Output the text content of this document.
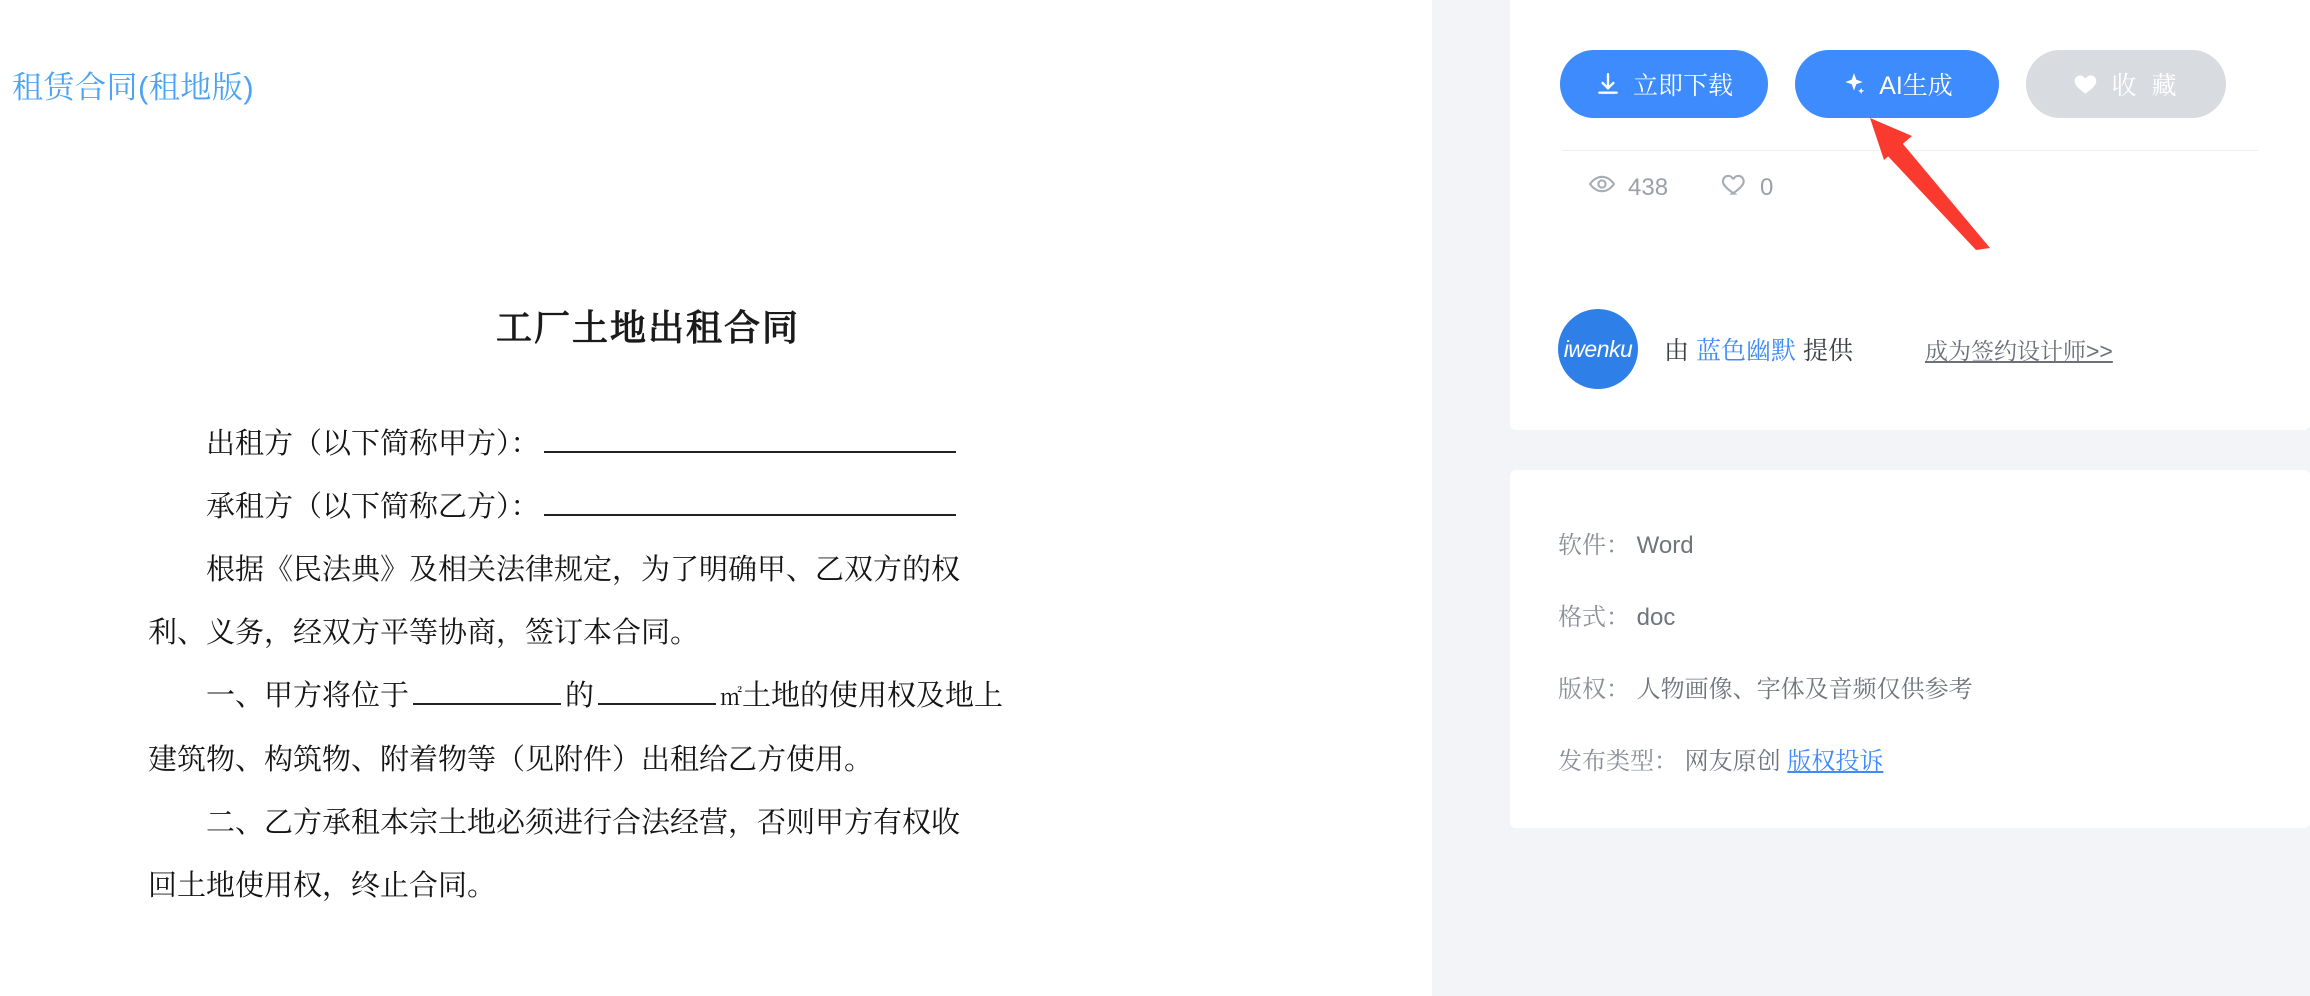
租赁合同(租地版)
工厂土地出租合同
出租方（以下简称甲方）：
承租方（以下简称乙方）：
根据《民法典》及相关法律规定，为了明确甲、乙双方的权
利、义务，经双方平等协商，签订本合同。
一、甲方将位于	的	㎡土地的使用权及地上
建筑物、构筑物、附着物等（见附件）出租给乙方使用。
二、乙方承租本宗土地必须进行合法经营，否则甲方有权收
回土地使用权，终止合同。
立即下载	AI生成	收 藏
438	0
iwenku 由 蓝色幽默 提供	成为签约设计师>>
软件： Word
格式： doc
版权： 人物画像、字体及音频仅供参考
发布类型： 网友原创 版权投诉
